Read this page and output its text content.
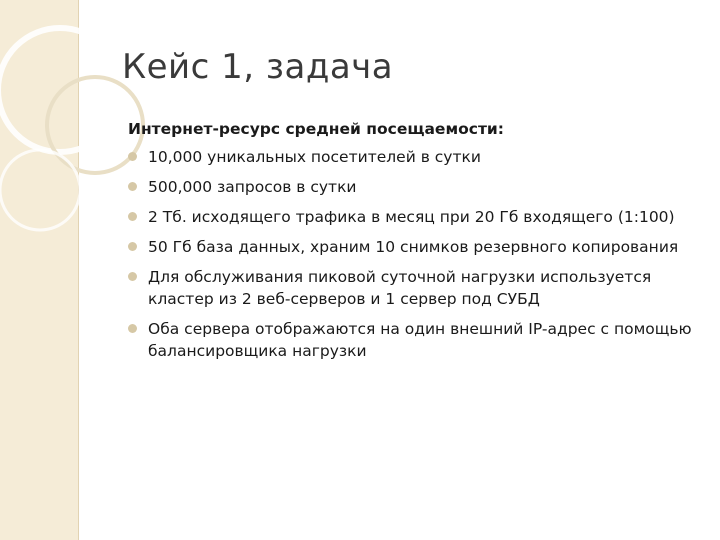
Кейс 1, задача

Интернет-ресурс средней посещаемости:

10,000 уникальных посетителей в сутки
500,000 запросов в сутки
2 Тб. исходящего трафика в месяц при 20 Гб входящего (1:100)
50 Гб база данных, храним 10 снимков резервного копирования
Для обслуживания пиковой суточной нагрузки используется кластер из 2 веб-серверов и 1 сервер под СУБД
Оба сервера отображаются на один внешний IP-адрес с помощью балансировщика нагрузки
